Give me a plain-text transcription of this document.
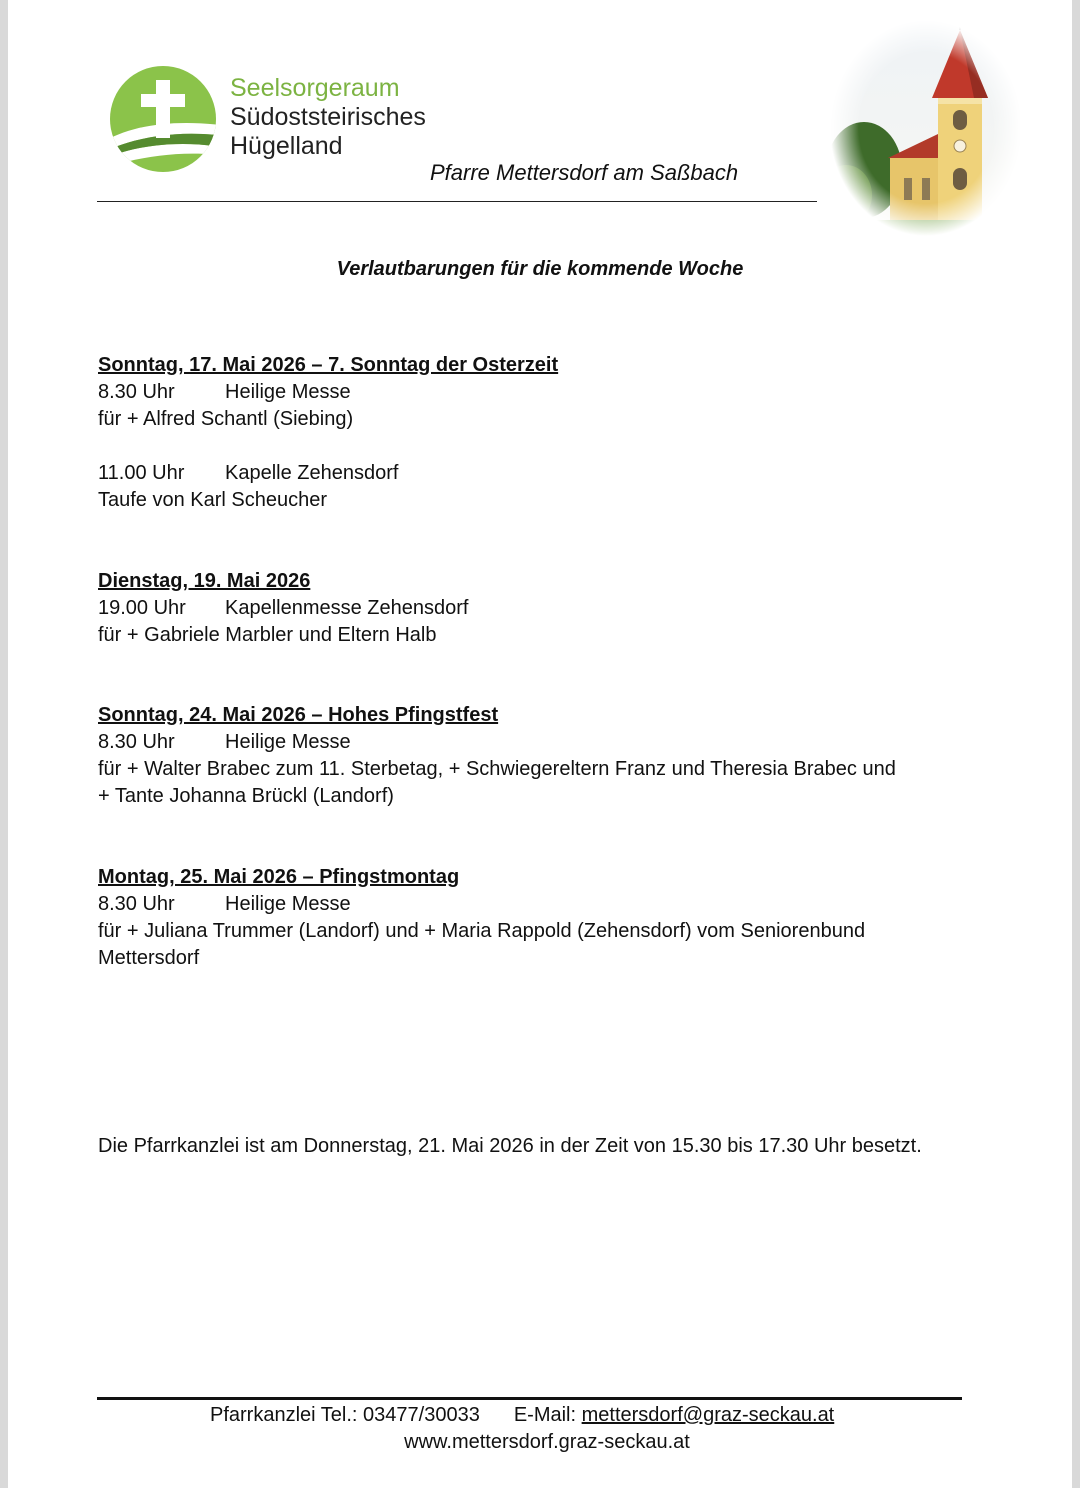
Seelsorgeraum
Südoststeirisches
Hügelland
Pfarre Mettersdorf am Saßbach
Verlautbarungen für die kommende Woche
Sonntag, 17. Mai 2026 – 7. Sonntag der Osterzeit
8.30 Uhr	Heilige Messe
für + Alfred Schantl (Siebing)
11.00 Uhr Kapelle Zehensdorf
Taufe von Karl Scheucher
Dienstag, 19. Mai 2026
19.00 Uhr Kapellenmesse Zehensdorf
für + Gabriele Marbler und Eltern Halb
Sonntag, 24. Mai 2026 – Hohes Pfingstfest
8.30 Uhr	Heilige Messe
für + Walter Brabec zum 11. Sterbetag, + Schwiegereltern Franz und Theresia Brabec und
+ Tante Johanna Brückl (Landorf)
Montag, 25. Mai 2026 – Pfingstmontag
8.30 Uhr	Heilige Messe
für + Juliana Trummer (Landorf) und + Maria Rappold (Zehensdorf) vom Seniorenbund
Mettersdorf
Die Pfarrkanzlei ist am Donnerstag, 21. Mai 2026 in der Zeit von 15.30 bis 17.30 Uhr besetzt.
Pfarrkanzlei Tel.: 03477/30033 E-Mail: mettersdorf@graz-seckau.at
www.mettersdorf.graz-seckau.at
